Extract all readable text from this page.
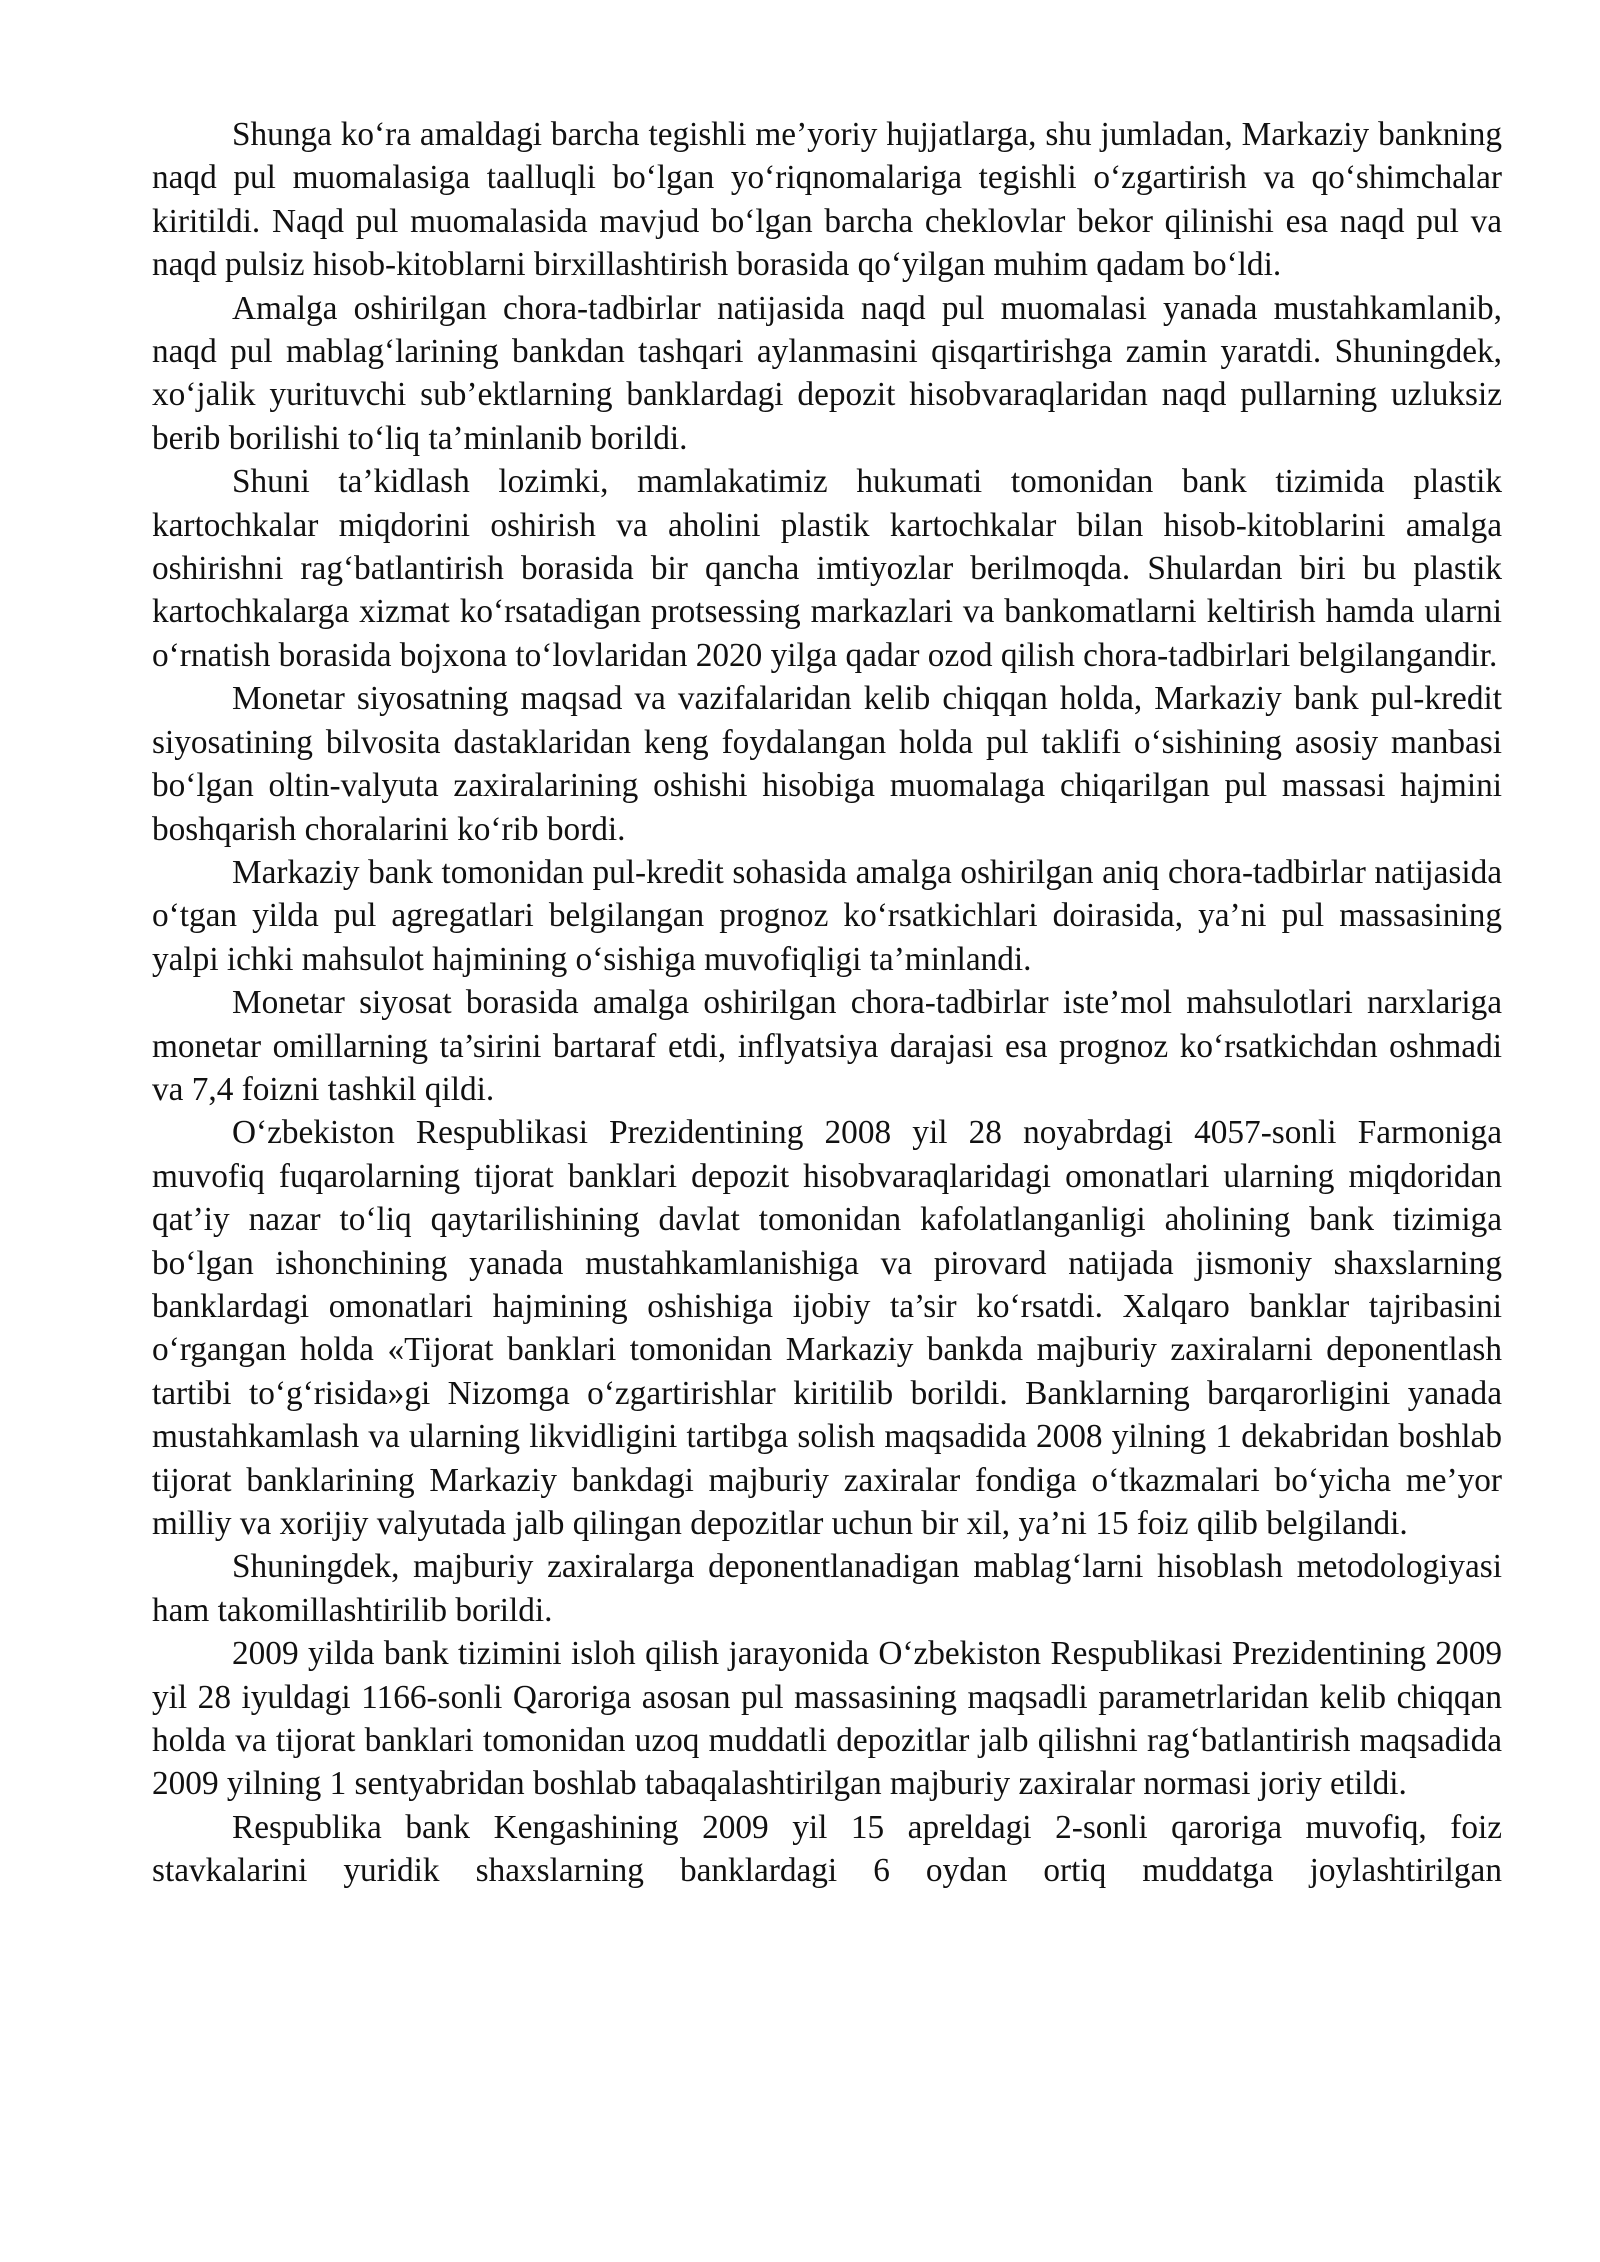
Shunga ko‘ra amaldagi barcha tegishli me’yoriy hujjatlarga, shu jumladan, Markaziy bankning naqd pul muomalasiga taalluqli bo‘lgan yo‘riqnomalariga tegishli o‘zgartirish va qo‘shimchalar kiritildi. Naqd pul muomalasida mavjud bo‘lgan barcha cheklovlar bekor qilinishi esa naqd pul va naqd pulsiz hisob-kitoblarni birxillashtirish borasida qo‘yilgan muhim qadam bo‘ldi.

Amalga oshirilgan chora-tadbirlar natijasida naqd pul muomalasi yanada mustahkamlanib, naqd pul mablag‘larining bankdan tashqari aylanmasini qisqartirishga zamin yaratdi. Shuningdek, xo‘jalik yurituvchi sub’ektlarning banklardagi depozit hisobvaraqlaridan naqd pullarning uzluksiz berib borilishi to‘liq ta’minlanib borildi.

Shuni ta’kidlash lozimki, mamlakatimiz hukumati tomonidan bank tizimida plastik kartochkalar miqdorini oshirish va aholini plastik kartochkalar bilan hisob-kitoblarini amalga oshirishni rag‘batlantirish borasida bir qancha imtiyozlar berilmoqda. Shulardan biri bu plastik kartochkalarga xizmat ko‘rsatadigan protsessing markazlari va bankomatlarni keltirish hamda ularni o‘rnatish borasida bojxona to‘lovlaridan 2020 yilga qadar ozod qilish chora-tadbirlari belgilangandir.

Monetar siyosatning maqsad va vazifalaridan kelib chiqqan holda, Markaziy bank pul-kredit siyosatining bilvosita dastaklaridan keng foydalangan holda pul taklifi o‘sishining asosiy manbasi bo‘lgan oltin-valyuta zaxiralarining oshishi hisobiga muomalaga chiqarilgan pul massasi hajmini boshqarish choralarini ko‘rib bordi.

Markaziy bank tomonidan pul-kredit sohasida amalga oshirilgan aniq chora-tadbirlar natijasida o‘tgan yilda pul agregatlari belgilangan prognoz ko‘rsatkichlari doirasida, ya’ni pul massasining yalpi ichki mahsulot hajmining o‘sishiga muvofiqligi ta’minlandi.

Monetar siyosat borasida amalga oshirilgan chora-tadbirlar iste’mol mahsulotlari narxlariga monetar omillarning ta’sirini bartaraf etdi, inflyatsiya darajasi esa prognoz ko‘rsatkichdan oshmadi va 7,4 foizni tashkil qildi.

O‘zbekiston Respublikasi Prezidentining 2008 yil 28 noyabrdagi 4057-sonli Farmoniga muvofiq fuqarolarning tijorat banklari depozit hisobvaraqlaridagi omonatlari ularning miqdoridan qat’iy nazar to‘liq qaytarilishining davlat tomonidan kafolatlanganligi aholining bank tizimiga bo‘lgan ishonchining yanada mustahkamlanishiga va pirovard natijada jismoniy shaxslarning banklardagi omonatlari hajmining oshishiga ijobiy ta’sir ko‘rsatdi. Xalqaro banklar tajribasini o‘rgangan holda «Tijorat banklari tomonidan Markaziy bankda majburiy zaxiralarni deponentlash tartibi to‘g‘risida»gi Nizomga o‘zgartirishlar kiritilib borildi. Banklarning barqarorligini yanada mustahkamlash va ularning likvidligini tartibga solish maqsadida 2008 yilning 1 dekabridan boshlab tijorat banklarining Markaziy bankdagi majburiy zaxiralar fondiga o‘tkazmalari bo‘yicha me’yor milliy va xorijiy valyutada jalb qilingan depozitlar uchun bir xil, ya’ni 15 foiz qilib belgilandi.

Shuningdek, majburiy zaxiralarga deponentlanadigan mablag‘larni hisoblash metodologiyasi ham takomillashtirilib borildi.

2009 yilda bank tizimini isloh qilish jarayonida O‘zbekiston Respublikasi Prezidentining 2009 yil 28 iyuldagi 1166-sonli Qaroriga asosan pul massasining maqsadli parametrlaridan kelib chiqqan holda va tijorat banklari tomonidan uzoq muddatli depozitlar jalb qilishni rag‘batlantirish maqsadida 2009 yilning 1 sentyabridan boshlab tabaqalashtirilgan majburiy zaxiralar normasi joriy etildi.

Respublika bank Kengashining 2009 yil 15 apreldagi 2-sonli qaroriga muvofiq, foiz stavkalarini yuridik shaxslarning banklardagi 6 oydan ortiq muddatga joylashtirilgan
